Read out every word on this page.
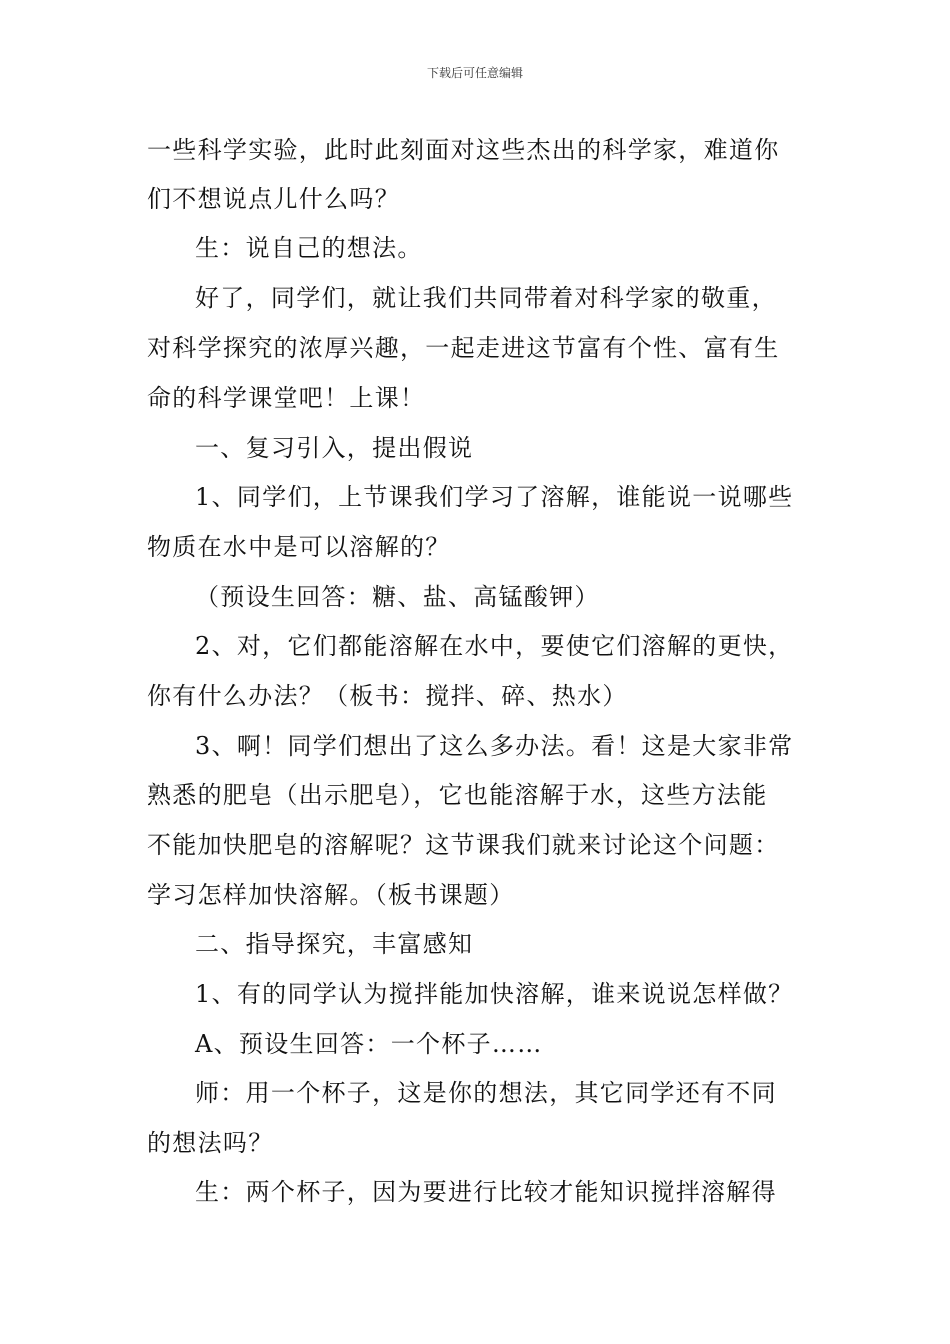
下载后可任意编辑
一些科学实验，此时此刻面对这些杰出的科学家，难道你
们不想说点儿什么吗？
生：说自己的想法。
好了，同学们，就让我们共同带着对科学家的敬重，
对科学探究的浓厚兴趣，一起走进这节富有个性、富有生
命的科学课堂吧！上课！
一、复习引入，提出假说
1、同学们，上节课我们学习了溶解，谁能说一说哪些
物质在水中是可以溶解的？
（预设生回答：糖、盐、高锰酸钾）
2、对，它们都能溶解在水中，要使它们溶解的更快，
你有什么办法？（板书：搅拌、碎、热水）
3、啊！同学们想出了这么多办法。看！这是大家非常
熟悉的肥皂（出示肥皂），它也能溶解于水，这些方法能
不能加快肥皂的溶解呢？这节课我们就来讨论这个问题：
学习怎样加快溶解。（板书课题）
二、指导探究，丰富感知
1、有的同学认为搅拌能加快溶解，谁来说说怎样做？
A、预设生回答：一个杯子……
师：用一个杯子，这是你的想法，其它同学还有不同
的想法吗？
生：两个杯子，因为要进行比较才能知识搅拌溶解得
